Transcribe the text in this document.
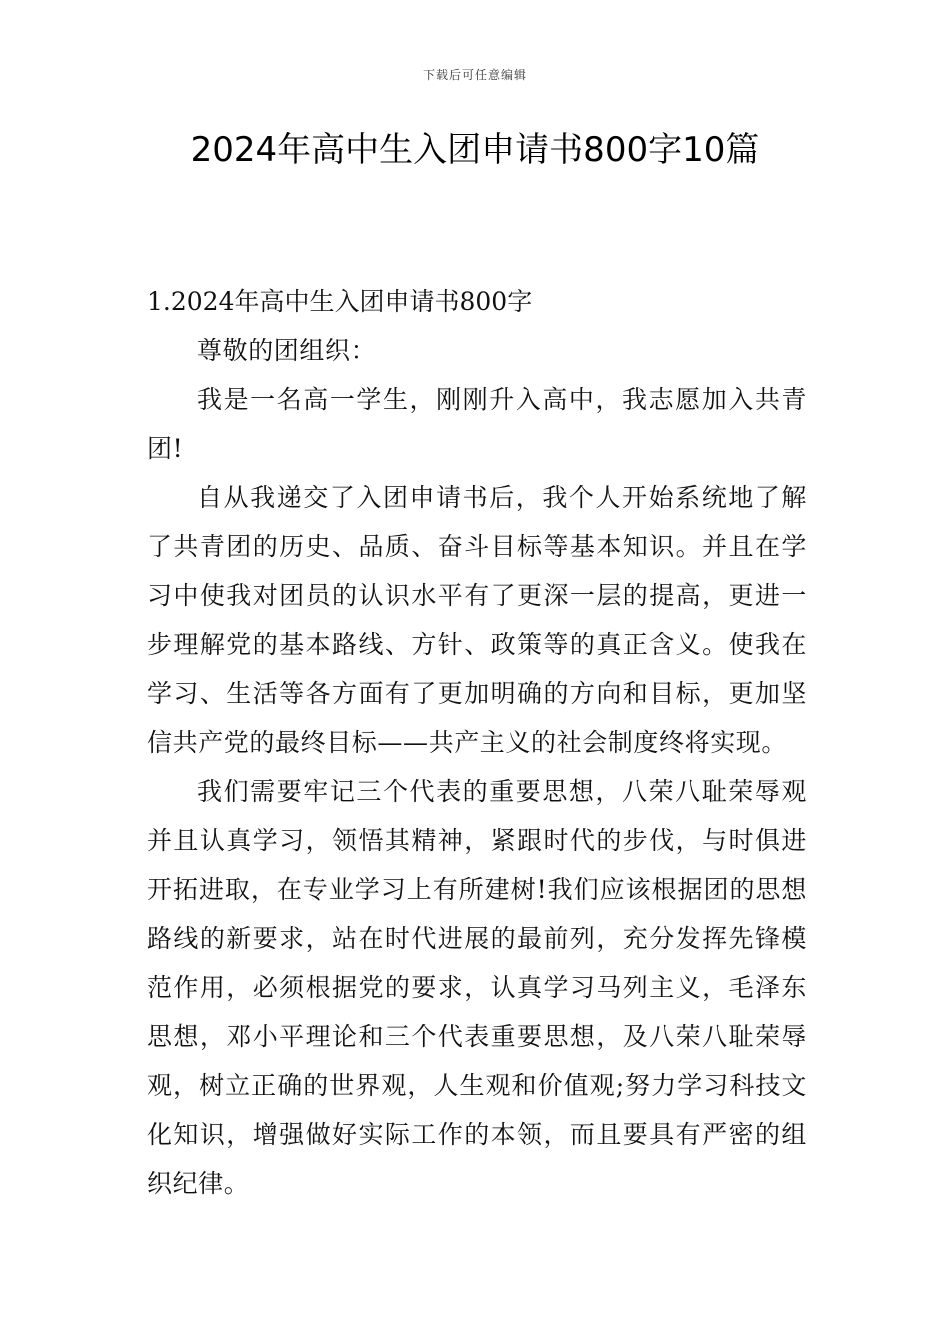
下载后可任意编辑
2024年高中生入团申请书800字10篇

1.2024年高中生入团申请书800字

尊敬的团组织：

我是一名高一学生，刚刚升入高中，我志愿加入共青团!

自从我递交了入团申请书后，我个人开始系统地了解了共青团的历史、品质、奋斗目标等基本知识。并且在学习中使我对团员的认识水平有了更深一层的提高，更进一步理解党的基本路线、方针、政策等的真正含义。使我在学习、生活等各方面有了更加明确的方向和目标，更加坚信共产党的最终目标——共产主义的社会制度终将实现。

我们需要牢记三个代表的重要思想，八荣八耻荣辱观并且认真学习，领悟其精神，紧跟时代的步伐，与时俱进开拓进取，在专业学习上有所建树!我们应该根据团的思想路线的新要求，站在时代进展的最前列，充分发挥先锋模范作用，必须根据党的要求，认真学习马列主义，毛泽东思想，邓小平理论和三个代表重要思想，及八荣八耻荣辱观，树立正确的世界观，人生观和价值观;努力学习科技文化知识，增强做好实际工作的本领，而且要具有严密的组织纪律。
